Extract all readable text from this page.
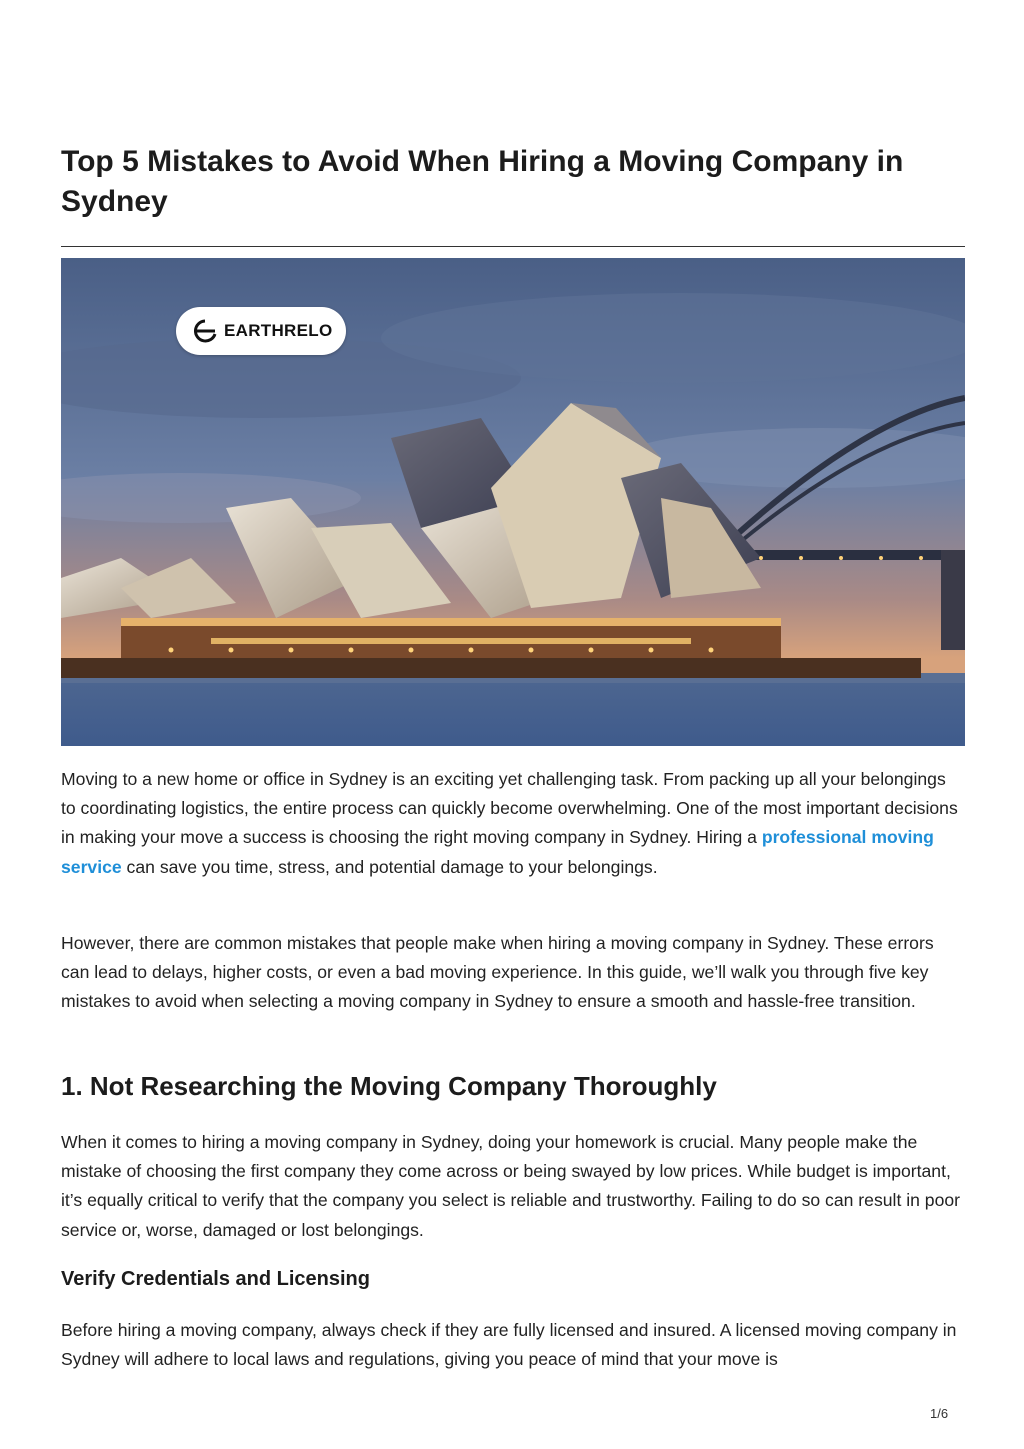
Top 5 Mistakes to Avoid When Hiring a Moving Company in Sydney
EARTHRELO

Moving to a new home or office in Sydney is an exciting yet challenging task. From packing up all your belongings to coordinating logistics, the entire process can quickly become overwhelming. One of the most important decisions in making your move a success is choosing the right moving company in Sydney. Hiring a professional moving service can save you time, stress, and potential damage to your belongings.

However, there are common mistakes that people make when hiring a moving company in Sydney. These errors can lead to delays, higher costs, or even a bad moving experience. In this guide, we’ll walk you through five key mistakes to avoid when selecting a moving company in Sydney to ensure a smooth and hassle-free transition.

1. Not Researching the Moving Company Thoroughly

When it comes to hiring a moving company in Sydney, doing your homework is crucial. Many people make the mistake of choosing the first company they come across or being swayed by low prices. While budget is important, it’s equally critical to verify that the company you select is reliable and trustworthy. Failing to do so can result in poor service or, worse, damaged or lost belongings.

Verify Credentials and Licensing

Before hiring a moving company, always check if they are fully licensed and insured. A licensed moving company in Sydney will adhere to local laws and regulations, giving you peace of mind that your move is

1/6
